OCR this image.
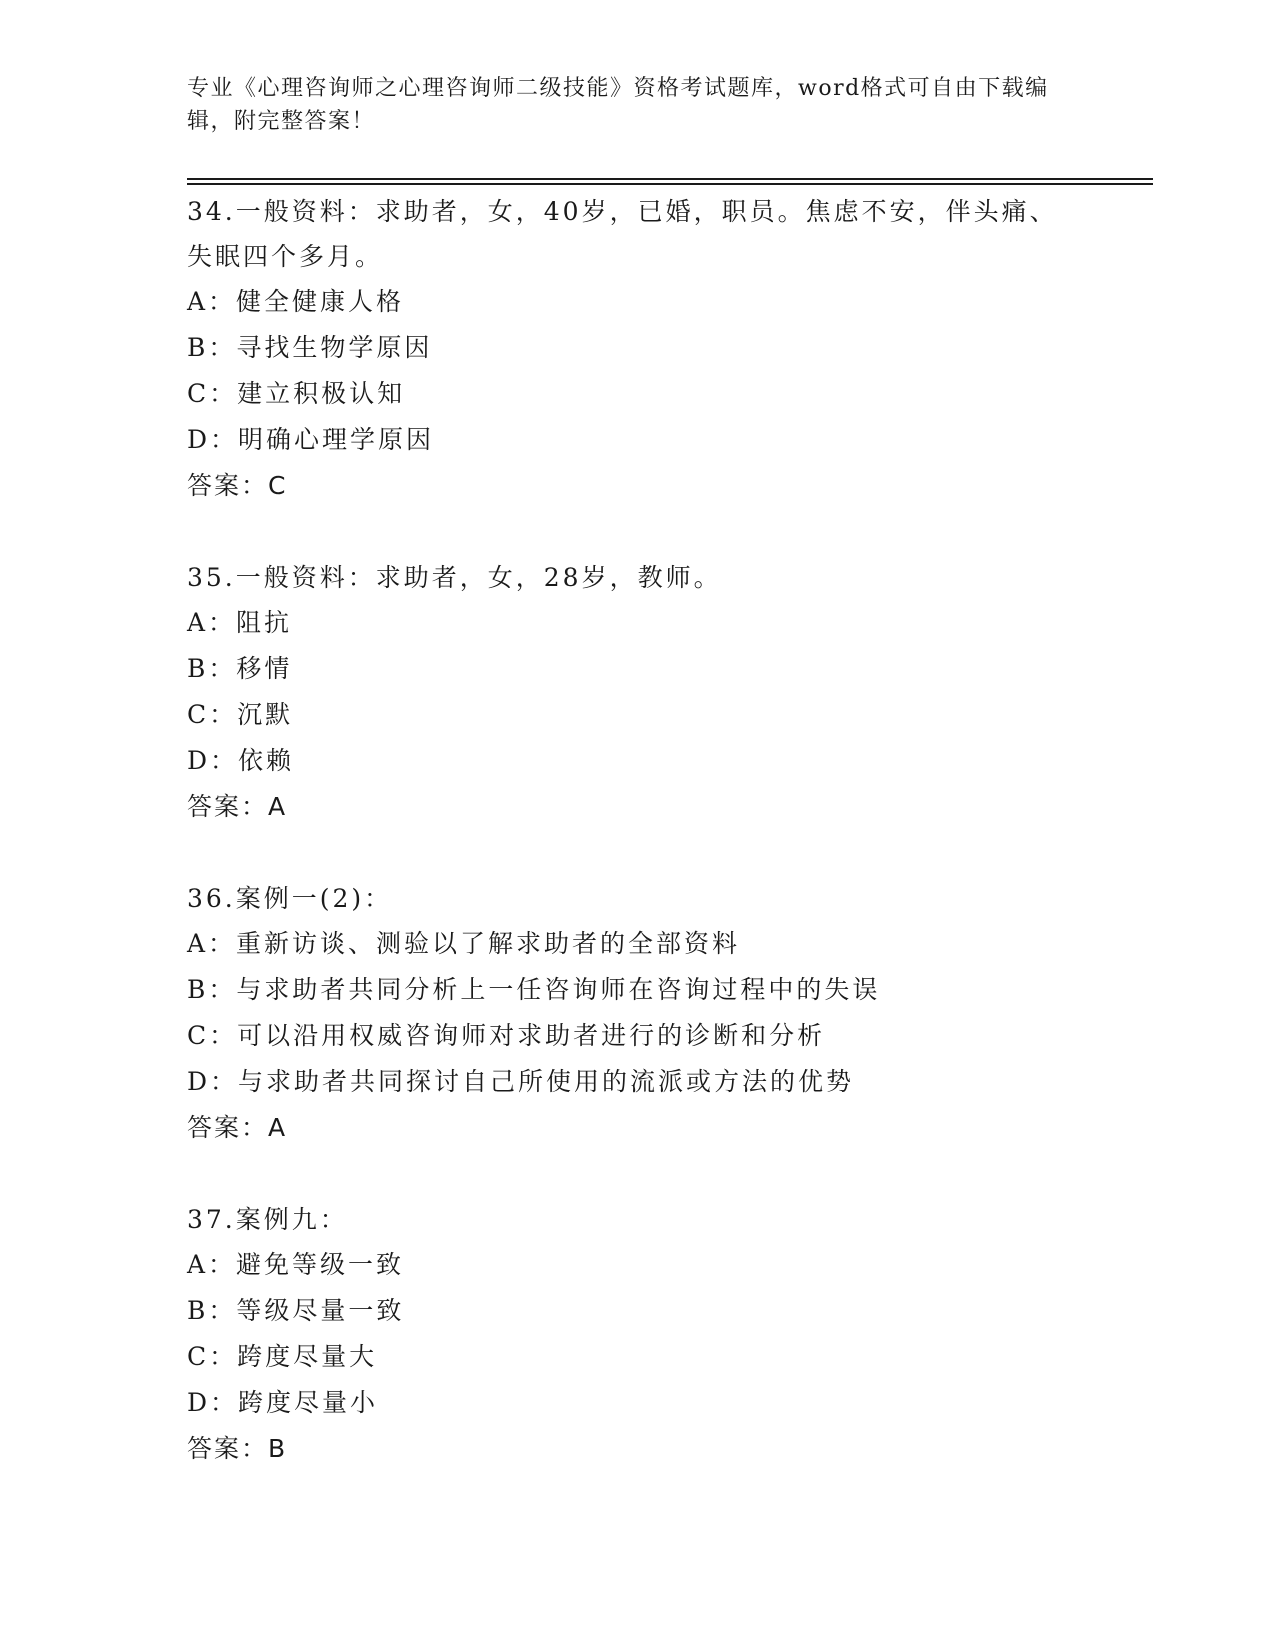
专业《心理咨询师之心理咨询师二级技能》资格考试题库，word格式可自由下载编辑，附完整答案！
34.一般资料：求助者，女，40岁，已婚，职员。焦虑不安，伴头痛、失眠四个多月。
A：健全健康人格
B：寻找生物学原因
C：建立积极认知
D：明确心理学原因
答案：C
35.一般资料：求助者，女，28岁，教师。
A：阻抗
B：移情
C：沉默
D：依赖
答案：A
36.案例一(2)：
A：重新访谈、测验以了解求助者的全部资料
B：与求助者共同分析上一任咨询师在咨询过程中的失误
C：可以沿用权威咨询师对求助者进行的诊断和分析
D：与求助者共同探讨自己所使用的流派或方法的优势
答案：A
37.案例九：
A：避免等级一致
B：等级尽量一致
C：跨度尽量大
D：跨度尽量小
答案：B
